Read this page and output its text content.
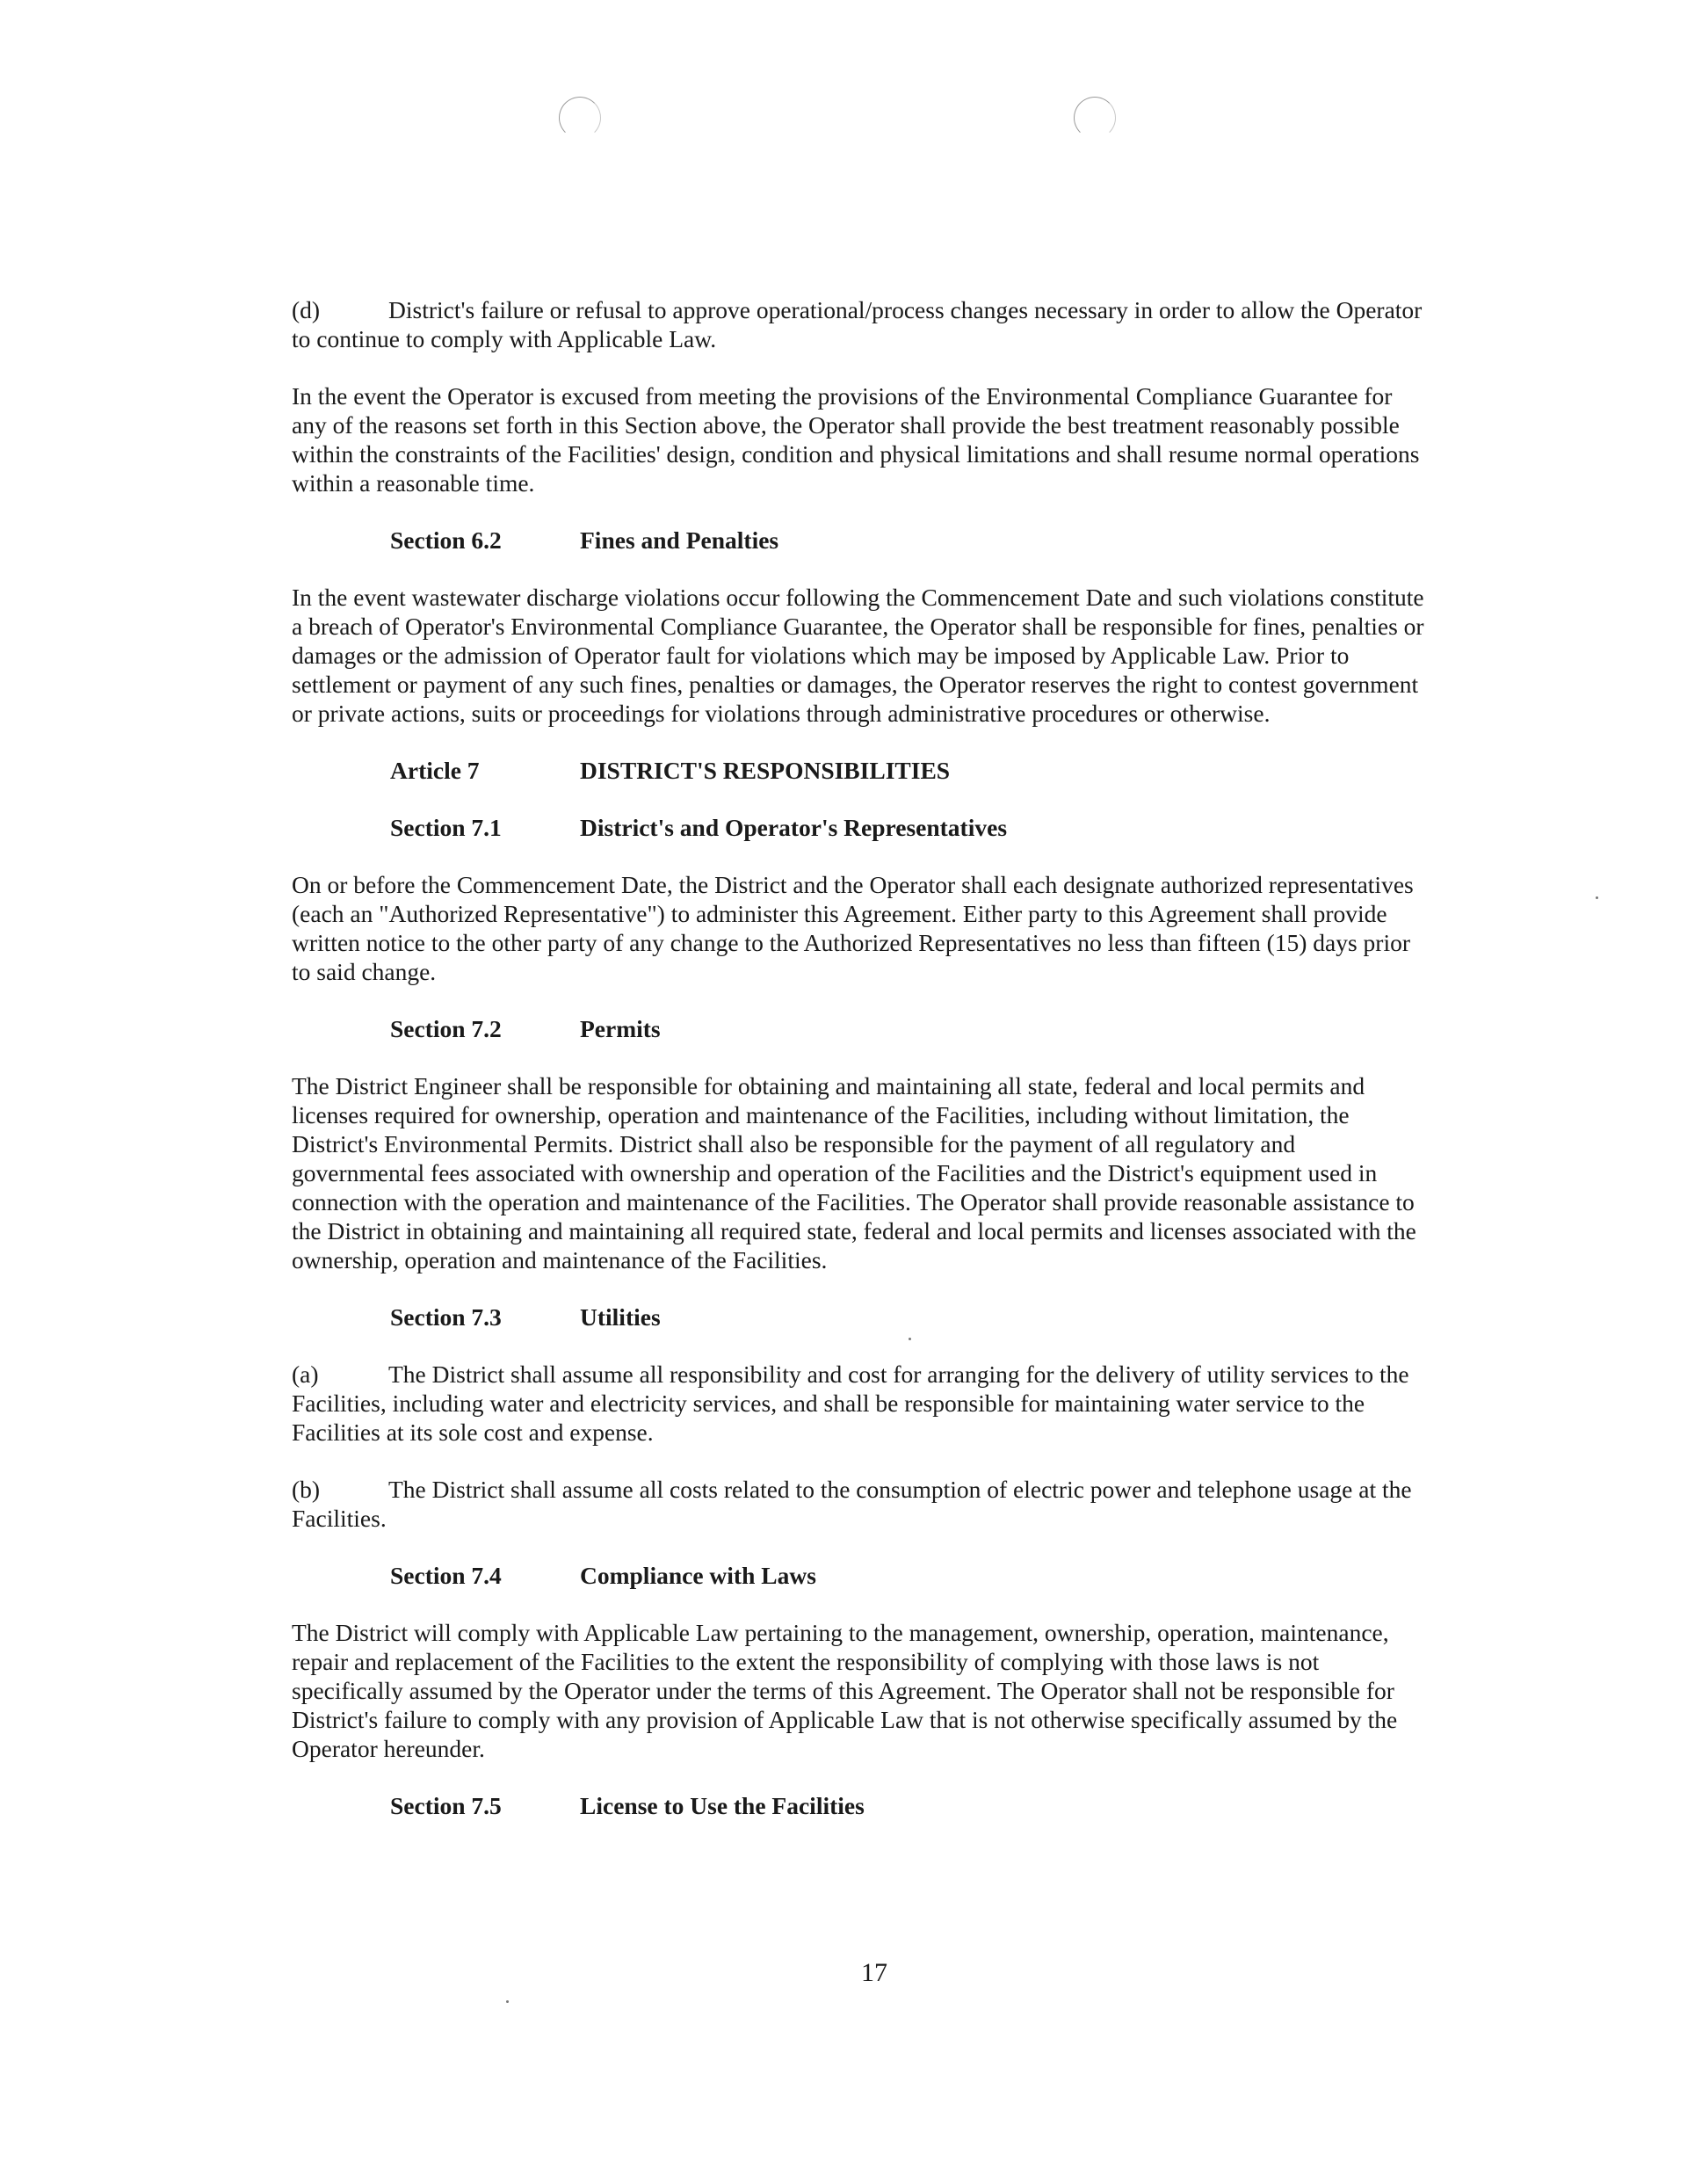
(d)	District's failure or refusal to approve operational/process changes necessary in order to allow the Operator to continue to comply with Applicable Law.

In the event the Operator is excused from meeting the provisions of the Environmental Compliance Guarantee for any of the reasons set forth in this Section above, the Operator shall provide the best treatment reasonably possible within the constraints of the Facilities' design, condition and physical limitations and shall resume normal operations within a reasonable time.

Section 6.2	Fines and Penalties

In the event wastewater discharge violations occur following the Commencement Date and such violations constitute a breach of Operator's Environmental Compliance Guarantee, the Operator shall be responsible for fines, penalties or damages or the admission of Operator fault for violations which may be imposed by Applicable Law. Prior to settlement or payment of any such fines, penalties or damages, the Operator reserves the right to contest government or private actions, suits or proceedings for violations through administrative procedures or otherwise.

Article 7	DISTRICT'S RESPONSIBILITIES
Section 7.1	District's and Operator's Representatives

On or before the Commencement Date, the District and the Operator shall each designate authorized representatives (each an "Authorized Representative") to administer this Agreement. Either party to this Agreement shall provide written notice to the other party of any change to the Authorized Representatives no less than fifteen (15) days prior to said change.

Section 7.2	Permits

The District Engineer shall be responsible for obtaining and maintaining all state, federal and local permits and licenses required for ownership, operation and maintenance of the Facilities, including without limitation, the District's Environmental Permits. District shall also be responsible for the payment of all regulatory and governmental fees associated with ownership and operation of the Facilities and the District's equipment used in connection with the operation and maintenance of the Facilities. The Operator shall provide reasonable assistance to the District in obtaining and maintaining all required state, federal and local permits and licenses associated with the ownership, operation and maintenance of the Facilities.

Section 7.3	Utilities

(a)	The District shall assume all responsibility and cost for arranging for the delivery of utility services to the Facilities, including water and electricity services, and shall be responsible for maintaining water service to the Facilities at its sole cost and expense.

(b)	The District shall assume all costs related to the consumption of electric power and telephone usage at the Facilities.

Section 7.4	Compliance with Laws

The District will comply with Applicable Law pertaining to the management, ownership, operation, maintenance, repair and replacement of the Facilities to the extent the responsibility of complying with those laws is not specifically assumed by the Operator under the terms of this Agreement. The Operator shall not be responsible for District's failure to comply with any provision of Applicable Law that is not otherwise specifically assumed by the Operator hereunder.

Section 7.5	License to Use the Facilities
17
